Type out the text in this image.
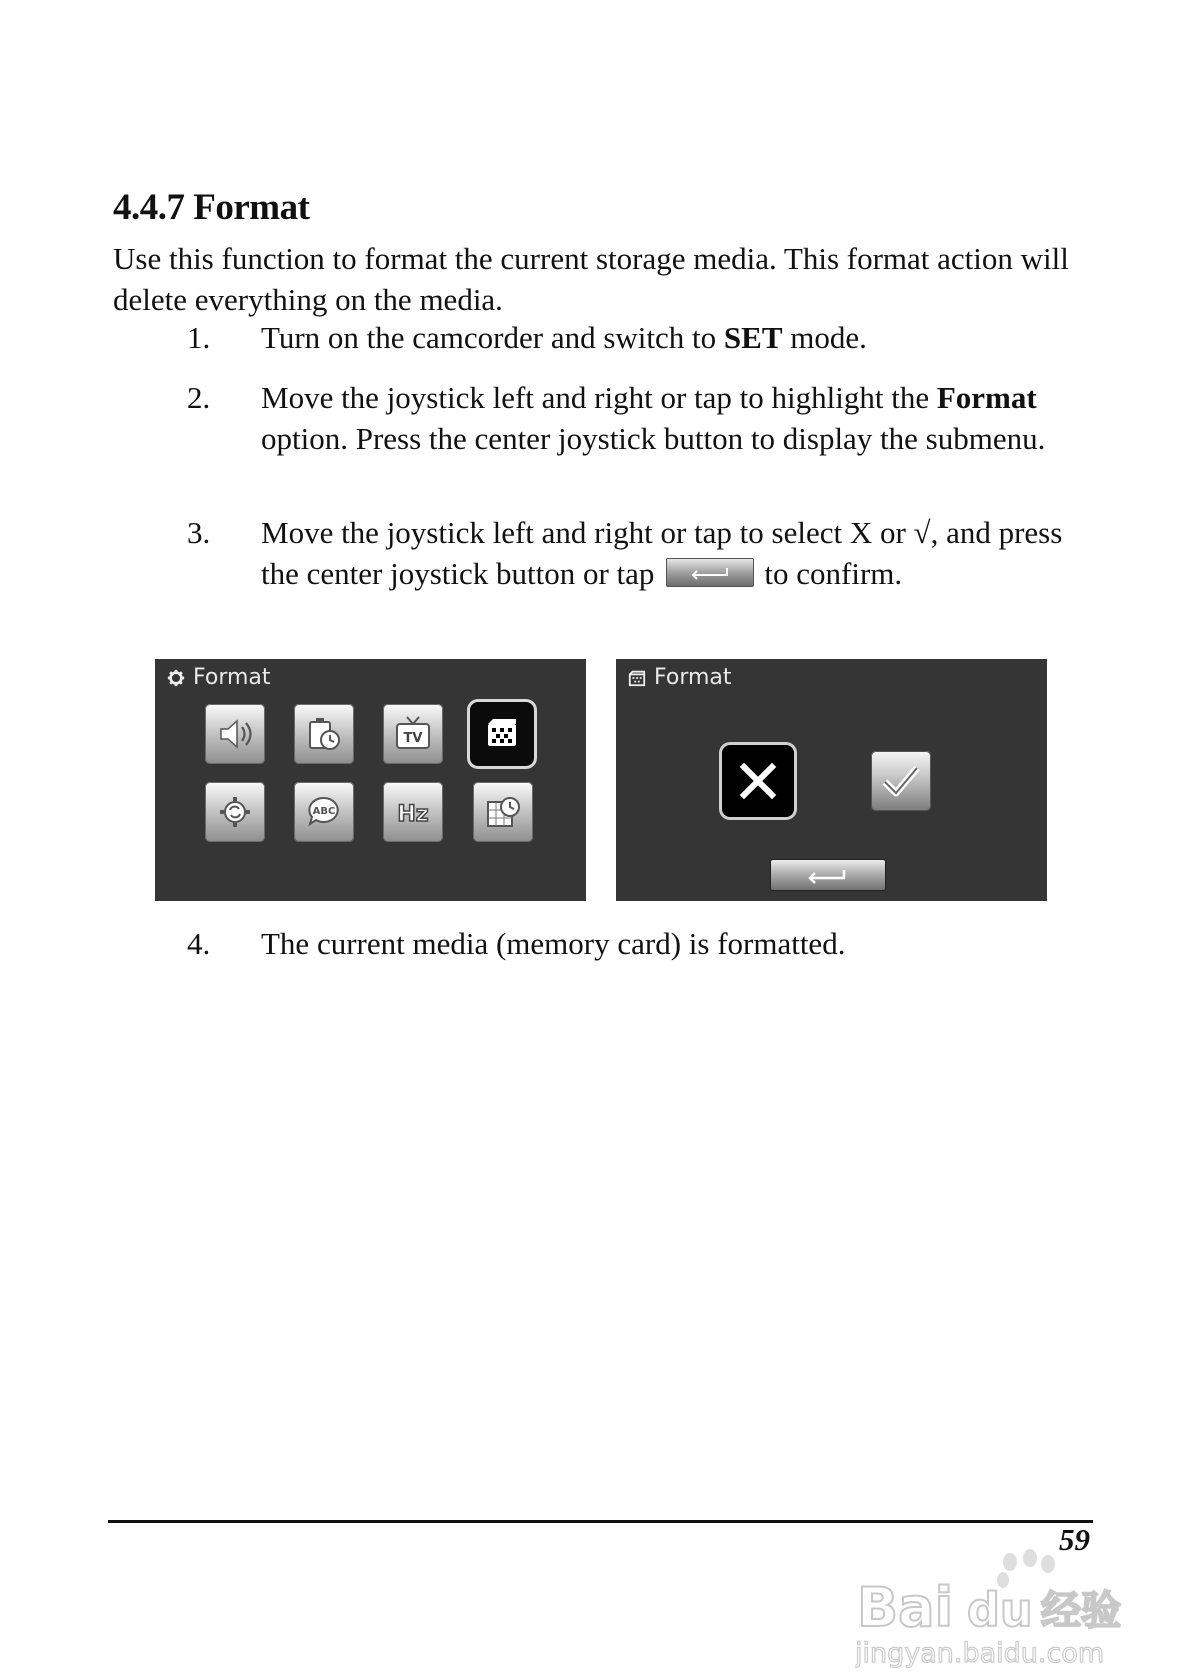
4.4.7 Format

Use this function to format the current storage media. This format action will delete everything on the media.

1. Turn on the camcorder and switch to SET mode.
2. Move the joystick left and right or tap to highlight the Format option. Press the center joystick button to display the submenu.
3. Move the joystick left and right or tap to select X or √, and press the center joystick button or tap	to confirm.
Format
TV
ABC	Hz
Format
4. The current media (memory card) is formatted.
59
Bai du 经验
jingyan.baidu.com
